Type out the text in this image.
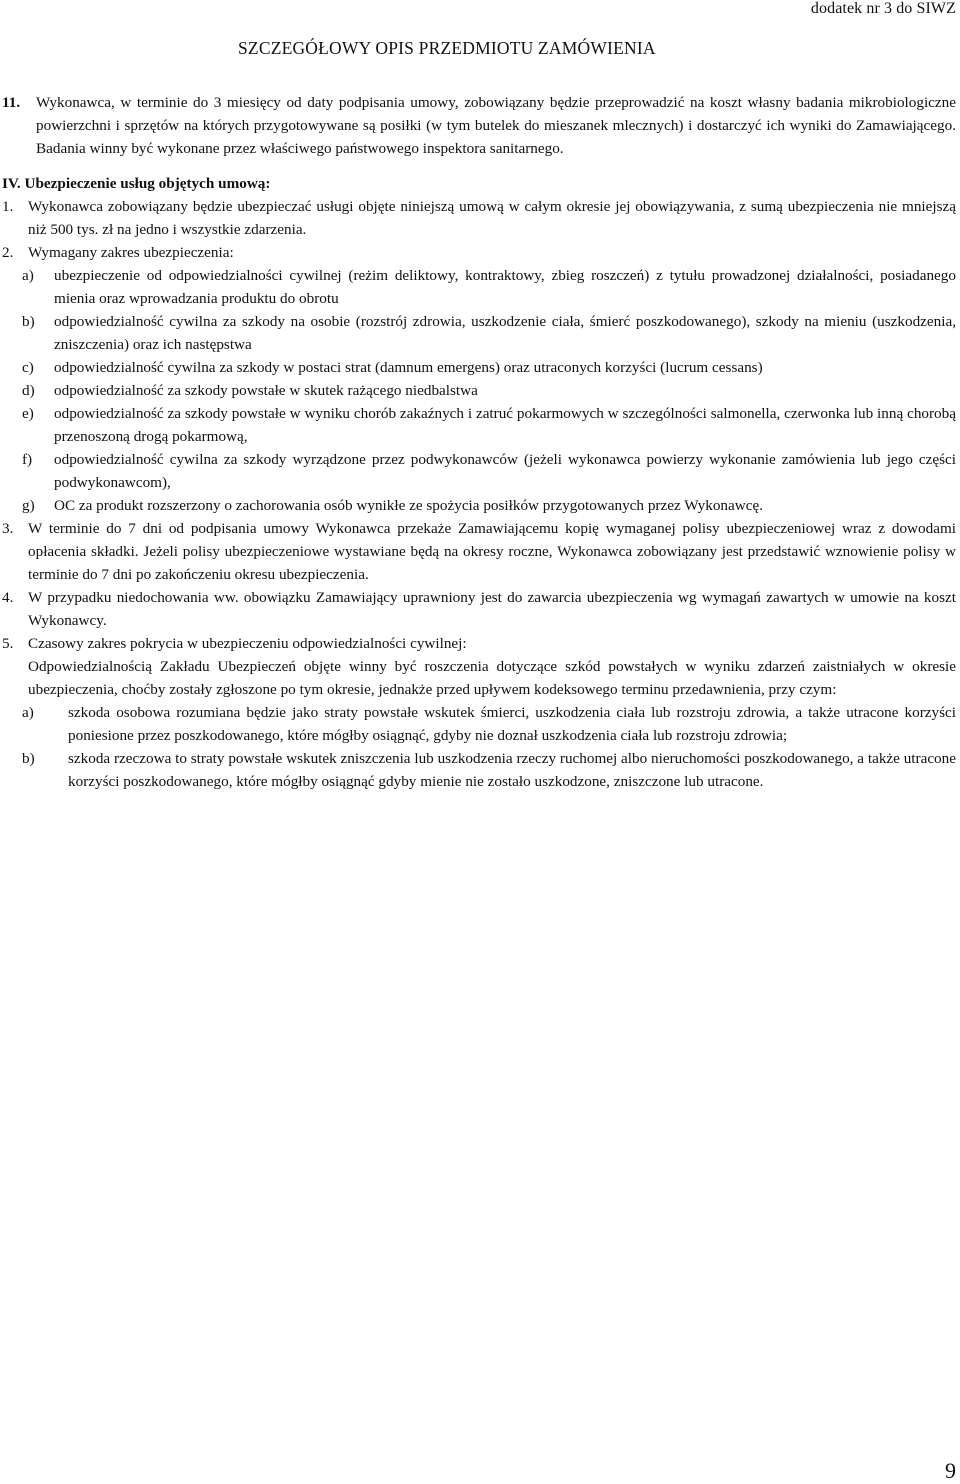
dodatek nr 3 do SIWZ
SZCZEGÓŁOWY OPIS PRZEDMIOTU ZAMÓWIENIA
11.	Wykonawca, w terminie do 3 miesięcy od daty podpisania umowy, zobowiązany będzie przeprowadzić na koszt własny badania mikrobiologiczne powierzchni i sprzętów na których przygotowywane są posiłki (w tym butelek do mieszanek mlecznych) i dostarczyć ich wyniki do Zamawiającego. Badania winny być wykonane przez właściwego państwowego inspektora sanitarnego.
IV. Ubezpieczenie usług objętych umową:
1. Wykonawca zobowiązany będzie ubezpieczać usługi objęte niniejszą umową w całym okresie jej obowiązywania, z sumą ubezpieczenia nie mniejszą niż 500 tys. zł na jedno i wszystkie zdarzenia.
2. Wymagany zakres ubezpieczenia:
a)	ubezpieczenie od odpowiedzialności cywilnej (reżim deliktowy, kontraktowy, zbieg roszczeń) z tytułu prowadzonej działalności, posiadanego mienia oraz wprowadzania produktu do obrotu
b)	odpowiedzialność cywilna za szkody na osobie (rozstrój zdrowia, uszkodzenie ciała, śmierć poszkodowanego), szkody na mieniu (uszkodzenia, zniszczenia) oraz ich następstwa
c)	odpowiedzialność cywilna za szkody w postaci strat (damnum emergens) oraz utraconych korzyści (lucrum cessans)
d)	odpowiedzialność za szkody powstałe w skutek rażącego niedbalstwa
e)	odpowiedzialność za szkody powstałe w wyniku chorób zakaźnych i zatruć pokarmowych w szczególności salmonella, czerwonka lub inną chorobą przenoszoną drogą pokarmową,
f)	odpowiedzialność cywilna za szkody wyrządzone przez podwykonawców (jeżeli wykonawca powierzy wykonanie zamówienia lub jego części podwykonawcom),
g)	OC za produkt rozszerzony o zachorowania osób wynikłe ze spożycia posiłków przygotowanych przez Wykonawcę.
3. W terminie do 7 dni od podpisania umowy Wykonawca przekaże Zamawiającemu kopię wymaganej polisy ubezpieczeniowej wraz z dowodami opłacenia składki. Jeżeli polisy ubezpieczeniowe wystawiane będą na okresy roczne, Wykonawca zobowiązany jest przedstawić wznowienie polisy w terminie do 7 dni po zakończeniu okresu ubezpieczenia.
4. W przypadku niedochowania ww. obowiązku Zamawiający uprawniony jest do zawarcia ubezpieczenia wg wymagań zawartych w umowie na koszt Wykonawcy.
5. Czasowy zakres pokrycia w ubezpieczeniu odpowiedzialności cywilnej:
Odpowiedzialnością Zakładu Ubezpieczeń objęte winny być roszczenia dotyczące szkód powstałych w wyniku zdarzeń zaistniałych w okresie ubezpieczenia, choćby zostały zgłoszone po tym okresie, jednakże przed upływem kodeksowego terminu przedawnienia, przy czym:
a)	szkoda osobowa rozumiana będzie jako straty powstałe wskutek śmierci, uszkodzenia ciała lub rozstroju zdrowia, a także utracone korzyści poniesione przez poszkodowanego, które mógłby osiągnąć, gdyby nie doznał uszkodzenia ciała lub rozstroju zdrowia;
b)	szkoda rzeczowa to straty powstałe wskutek zniszczenia lub uszkodzenia rzeczy ruchomej albo nieruchomości poszkodowanego, a także utracone korzyści poszkodowanego, które mógłby osiągnąć gdyby mienie nie zostało uszkodzone, zniszczone lub utracone.
9
